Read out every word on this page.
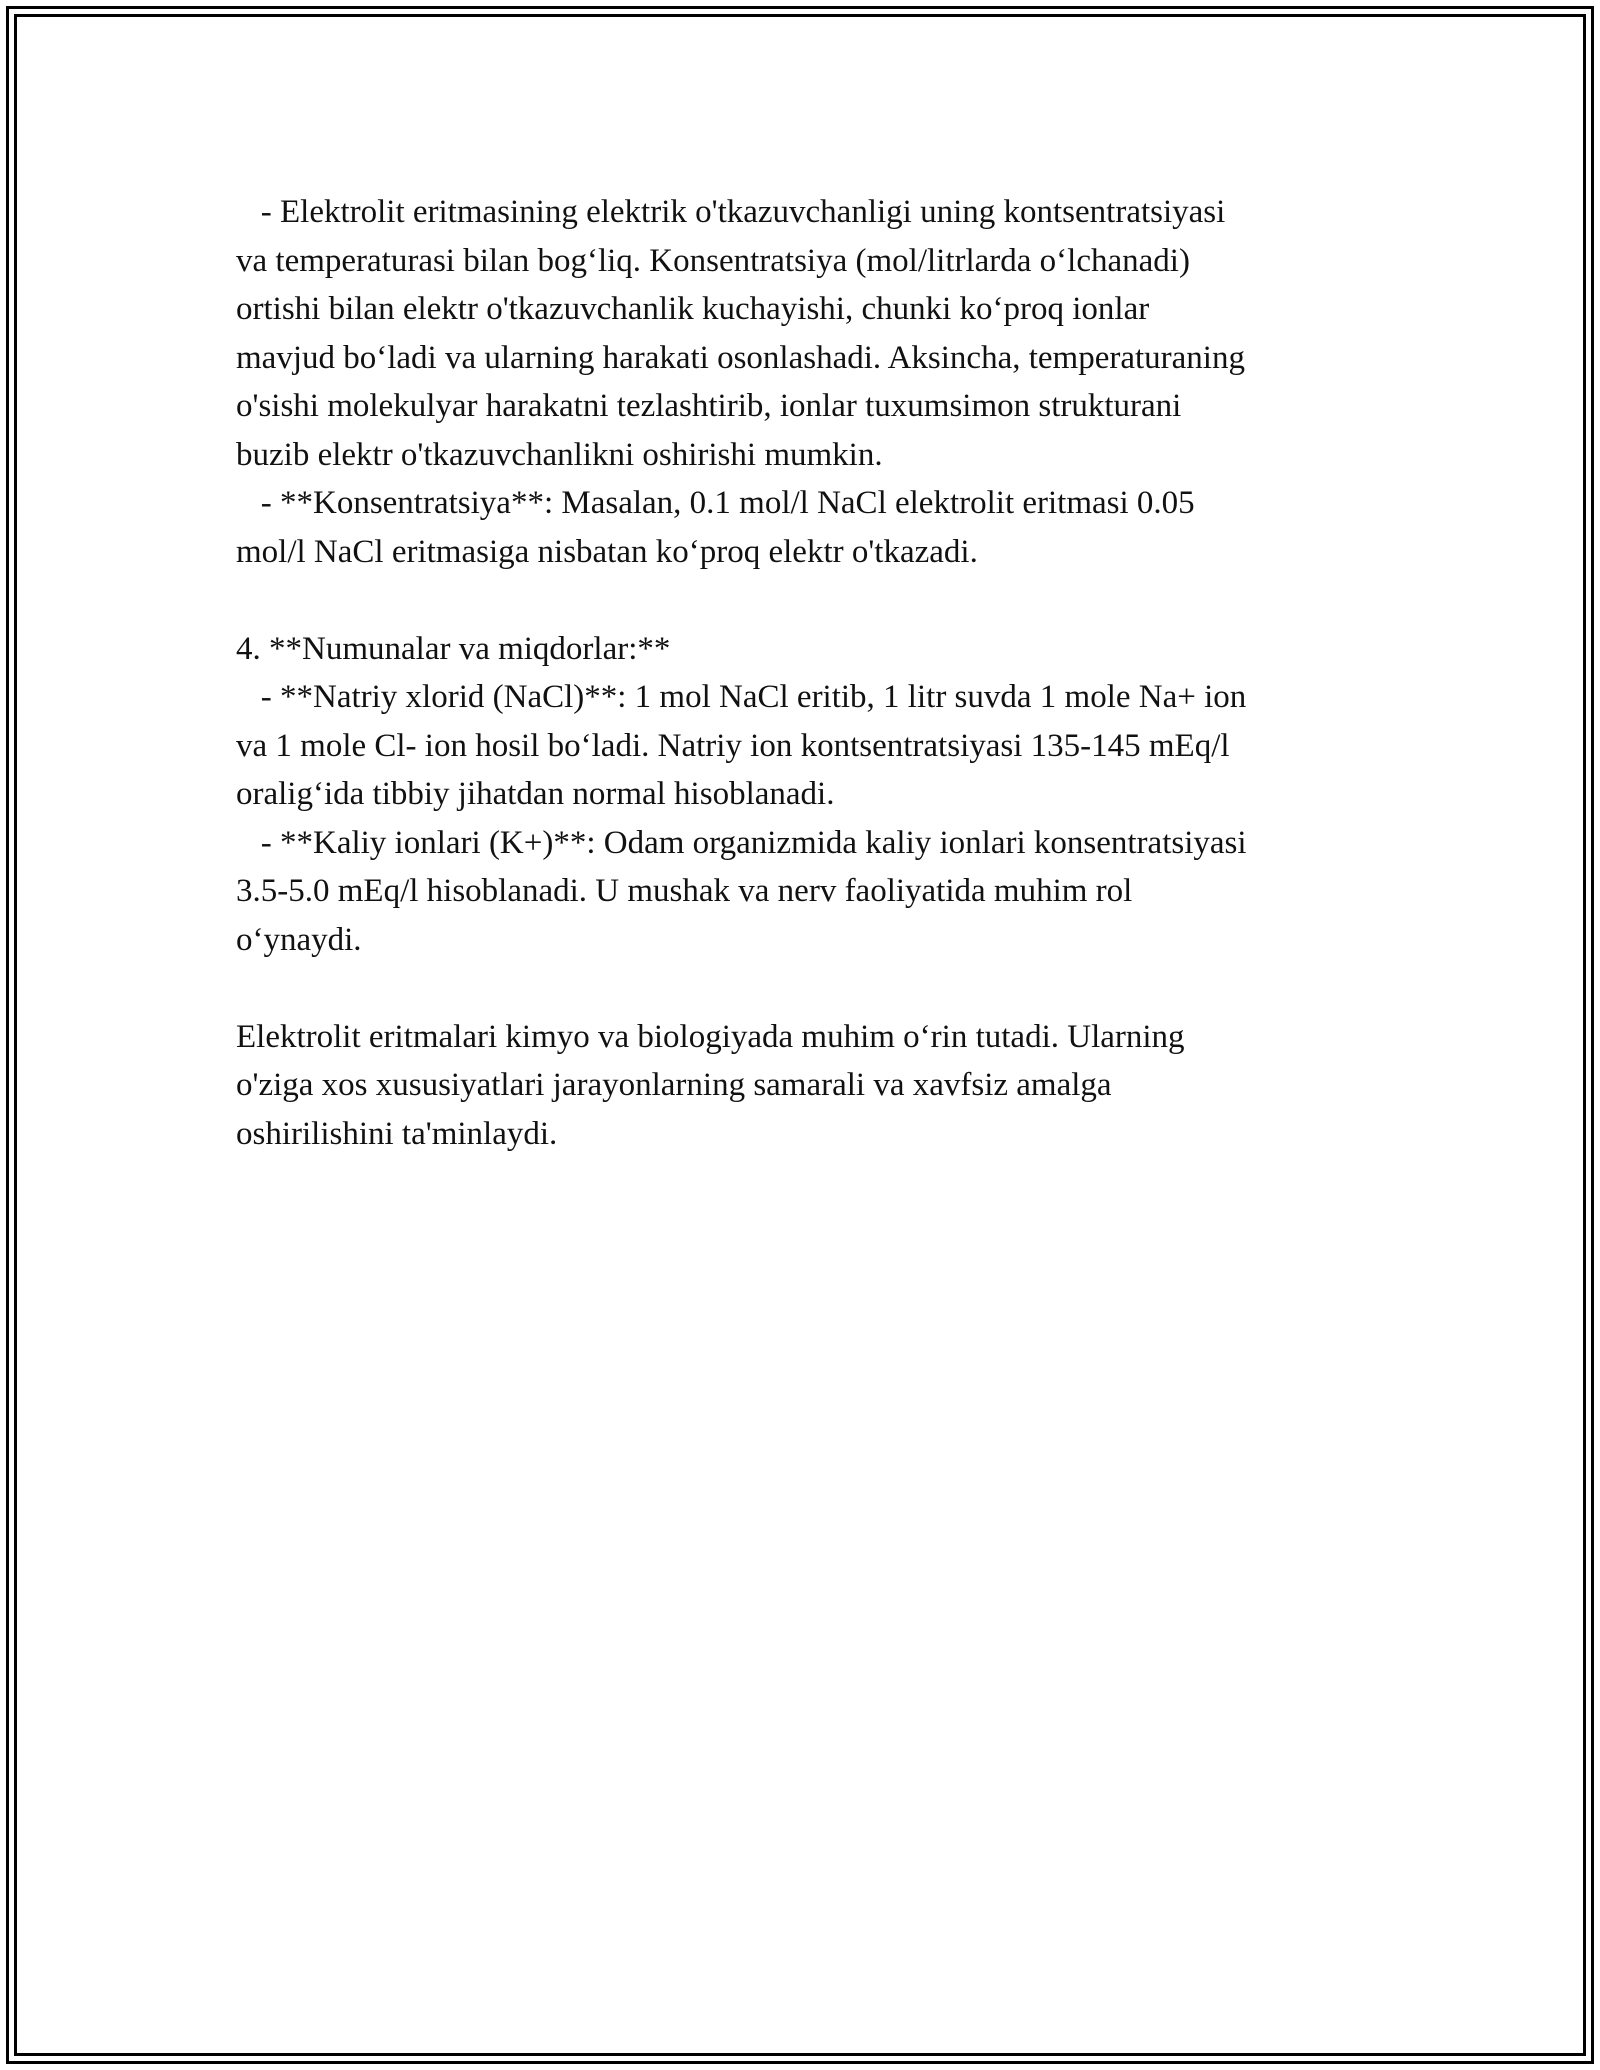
- Elektrolit eritmasining elektrik o'tkazuvchanligi uning kontsentratsiyasi
va temperaturasi bilan bog‘liq. Konsentratsiya (mol/litrlarda o‘lchanadi)
ortishi bilan elektr o'tkazuvchanlik kuchayishi, chunki ko‘proq ionlar
mavjud bo‘ladi va ularning harakati osonlashadi. Aksincha, temperaturaning
o'sishi molekulyar harakatni tezlashtirib, ionlar tuxumsimon strukturani
buzib elektr o'tkazuvchanlikni oshirishi mumkin.
- **Konsentratsiya**: Masalan, 0.1 mol/l NaCl elektrolit eritmasi 0.05
mol/l NaCl eritmasiga nisbatan ko‘proq elektr o'tkazadi.
4. **Numunalar va miqdorlar:**
- **Natriy xlorid (NaCl)**: 1 mol NaCl eritib, 1 litr suvda 1 mole Na+ ion
va 1 mole Cl- ion hosil bo‘ladi. Natriy ion kontsentratsiyasi 135-145 mEq/l
oralig‘ida tibbiy jihatdan normal hisoblanadi.
- **Kaliy ionlari (K+)**: Odam organizmida kaliy ionlari konsentratsiyasi
3.5-5.0 mEq/l hisoblanadi. U mushak va nerv faoliyatida muhim rol
o‘ynaydi.
Elektrolit eritmalari kimyo va biologiyada muhim o‘rin tutadi. Ularning
o'ziga xos xususiyatlari jarayonlarning samarali va xavfsiz amalga
oshirilishini ta'minlaydi.
